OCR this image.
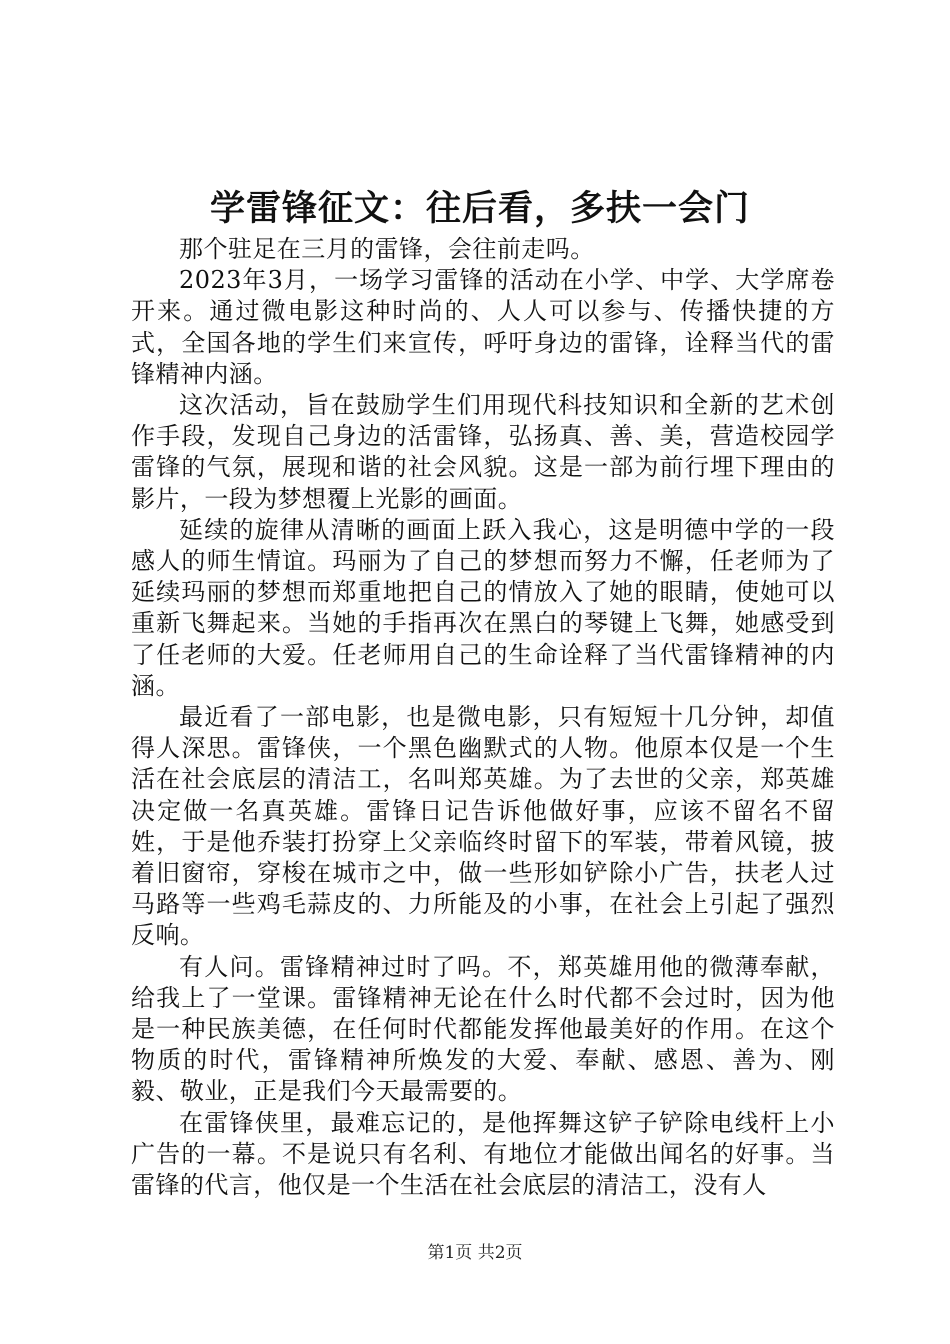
学雷锋征文：往后看，多扶一会门

那个驻足在三月的雷锋，会往前走吗。

2023年3月，一场学习雷锋的活动在小学、中学、大学席卷开来。通过微电影这种时尚的、人人可以参与、传播快捷的方式，全国各地的学生们来宣传，呼吁身边的雷锋，诠释当代的雷锋精神内涵。

这次活动，旨在鼓励学生们用现代科技知识和全新的艺术创作手段，发现自己身边的活雷锋，弘扬真、善、美，营造校园学雷锋的气氛，展现和谐的社会风貌。这是一部为前行埋下理由的影片，一段为梦想覆上光影的画面。

延续的旋律从清晰的画面上跃入我心，这是明德中学的一段感人的师生情谊。玛丽为了自己的梦想而努力不懈，任老师为了延续玛丽的梦想而郑重地把自己的情放入了她的眼睛，使她可以重新飞舞起来。当她的手指再次在黑白的琴键上飞舞，她感受到了任老师的大爱。任老师用自己的生命诠释了当代雷锋精神的内涵。

最近看了一部电影，也是微电影，只有短短十几分钟，却值得人深思。雷锋侠，一个黑色幽默式的人物。他原本仅是一个生活在社会底层的清洁工，名叫郑英雄。为了去世的父亲，郑英雄决定做一名真英雄。雷锋日记告诉他做好事，应该不留名不留姓，于是他乔装打扮穿上父亲临终时留下的军装，带着风镜，披着旧窗帘，穿梭在城市之中，做一些形如铲除小广告，扶老人过马路等一些鸡毛蒜皮的、力所能及的小事，在社会上引起了强烈反响。

有人问。雷锋精神过时了吗。不，郑英雄用他的微薄奉献，给我上了一堂课。雷锋精神无论在什么时代都不会过时，因为他是一种民族美德，在任何时代都能发挥他最美好的作用。在这个物质的时代，雷锋精神所焕发的大爱、奉献、感恩、善为、刚毅、敬业，正是我们今天最需要的。

在雷锋侠里，最难忘记的，是他挥舞这铲子铲除电线杆上小广告的一幕。不是说只有名利、有地位才能做出闻名的好事。当雷锋的代言，他仅是一个生活在社会底层的清洁工，没有人

第1页 共2页
